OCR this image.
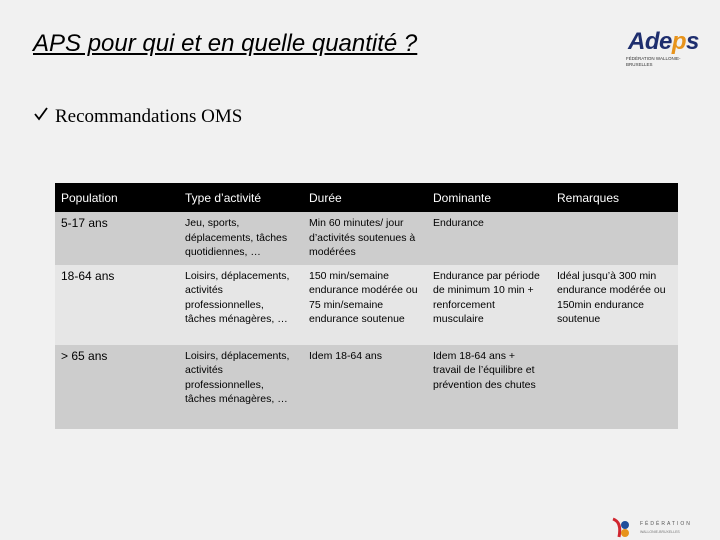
APS pour qui et en quelle quantité ?	Adeps
FÉDÉRATION WALLONIE-BRUXELLES
Recommandations OMS
Population	Type d’activité	Durée	Dominante	Remarques
5-17 ans	Jeu, sports, déplacements, tâches quotidiennes, …	Min 60 minutes/ jour d’activités soutenues à modérées	Endurance	
18-64 ans	Loisirs, déplacements, activités professionnelles, tâches ménagères, …	150 min/semaine endurance modérée ou 75 min/semaine endurance soutenue	Endurance par période de minimum 10 min + renforcement musculaire	Idéal jusqu’à 300 min endurance modérée ou 150min endurance soutenue
> 65 ans	Loisirs, déplacements, activités professionnelles, tâches ménagères, …	Idem 18-64 ans	Idem 18-64 ans + travail de l’équilibre et prévention des chutes	
FÉDÉRATION
WALLONIE-BRUXELLES
